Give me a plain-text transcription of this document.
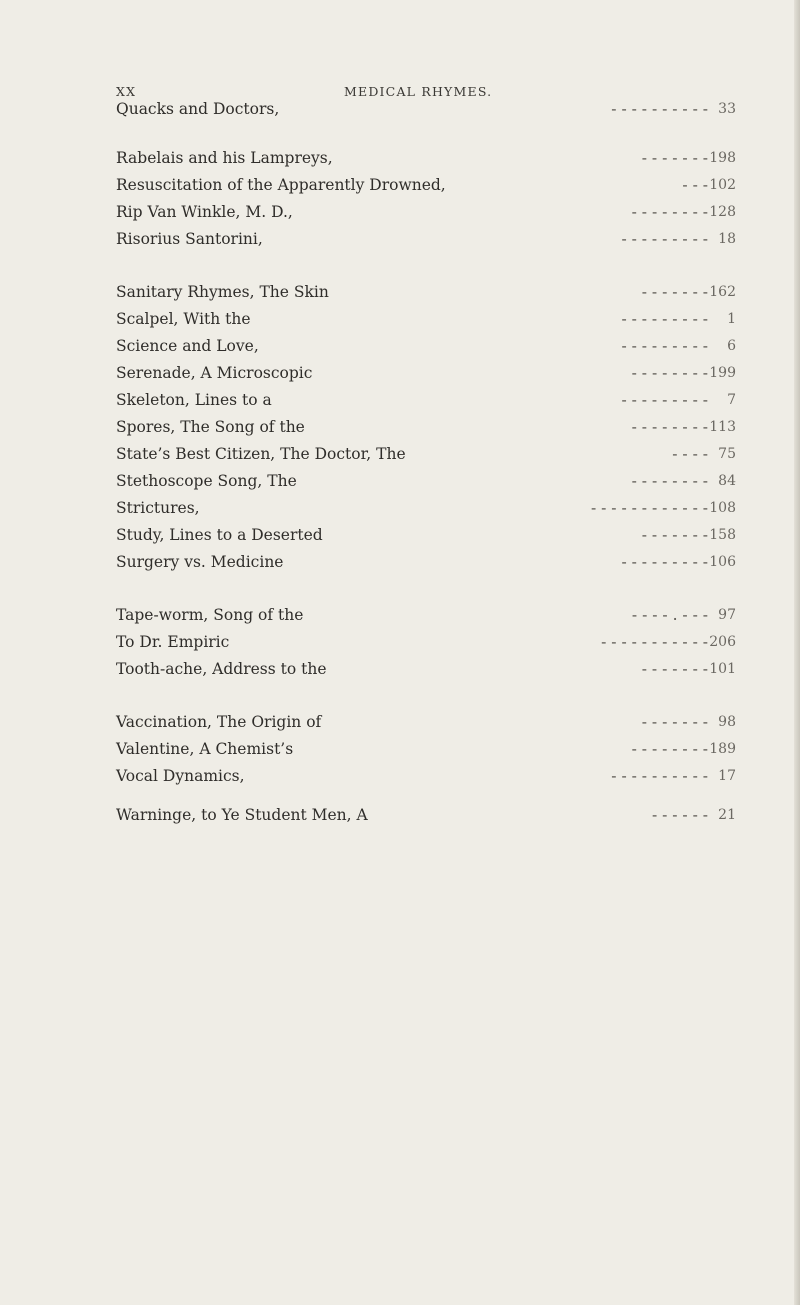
XX	MEDICAL RHYMES.
Quacks and Doctors,	- - - - - - - - - - 33
Rabelais and his Lampreys,	- - - - - - - 198
Resuscitation of the Apparently Drowned,	- - - 102
Rip Van Winkle, M. D.,	- - - - - - - - 128
Risorius Santorini,	- - - - - - - - - 18
Sanitary Rhymes, The Skin	- - - - - - - 162
Scalpel, With the	- - - - - - - - -	1
Science and Love,	- - - - - - - - -	6
Serenade, A Microscopic	- - - - - - - - 199
Skeleton, Lines to a	- - - - - - - - -	7
Spores, The Song of the	- - - - - - - - 113
State’s Best Citizen, The Doctor, The	- - - - 75
Stethoscope Song, The	- - - - - - - - 84
Strictures,	- - - - - - - - - - - - 108
Study, Lines to a Deserted	- - - - - - - 158
Surgery vs. Medicine	- - - - - - - - - 106
Tape-worm, Song of the	- - - - . - - - 97
To Dr. Empiric	- - - - - - - - - - - 206
Tooth-ache, Address to the	- - - - - - - 101
Vaccination, The Origin of	- - - - - - - 98
Valentine, A Chemist’s	- - - - - - - - 189
Vocal Dynamics,	- - - - - - - - - - 17
Warninge, to Ye Student Men, A	- - - - - - 21
